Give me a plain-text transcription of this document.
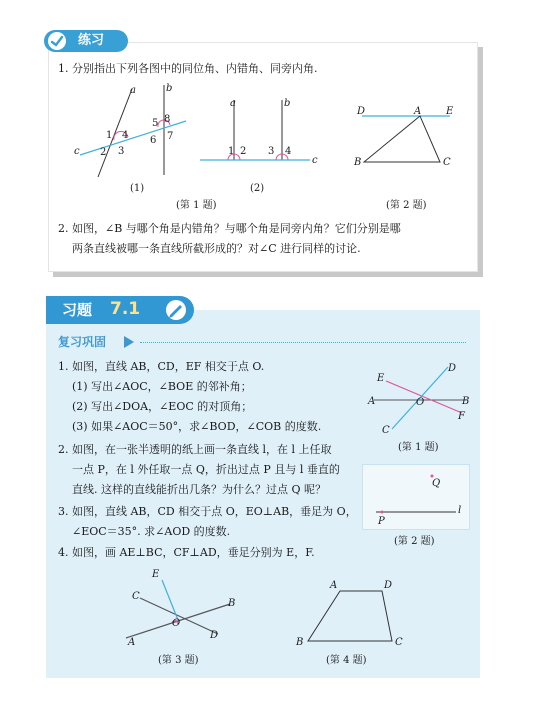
练习
1. 分别指出下列各图中的同位角、内错角、同旁内角.
a	b
c
1
2 3
4
5
6 7
8
(1)
a	b
c
1 2 3 4
(2)
(第 1 题)
D	A E
B	C
(第 2 题)
2. 如图，∠B 与哪个角是内错角？与哪个角是同旁内角？它们分别是哪
两条直线被哪一条直线所截形成的？对∠C 进行同样的讨论.
习题 7.1
复习巩固
1. 如图，直线 AB，CD，EF 相交于点 O.
(1) 写出∠AOC，∠BOE 的邻补角；
(2) 写出∠DOA，∠EOC 的对顶角；
(3) 如果∠AOC＝50°，求∠BOD，∠COB 的度数.
E
D
A	O	B
F
C
(第 1 题)
2. 如图，在一张半透明的纸上画一条直线 l，在 l 上任取
一点 P，在 l 外任取一点 Q，折出过点 P 且与 l 垂直的
直线. 这样的直线能折出几条？为什么？过点 Q 呢？	Q
P
l
(第 2 题)
3. 如图，直线 AB，CD 相交于点 O，EO⊥AB，垂足为 O，
∠EOC＝35°. 求∠AOD 的度数.
4. 如图，画 AE⊥BC，CF⊥AD，垂足分别为 E，F.
E
C
B
O
A
D
(第 3 题)
A	D
B	C
(第 4 题)
